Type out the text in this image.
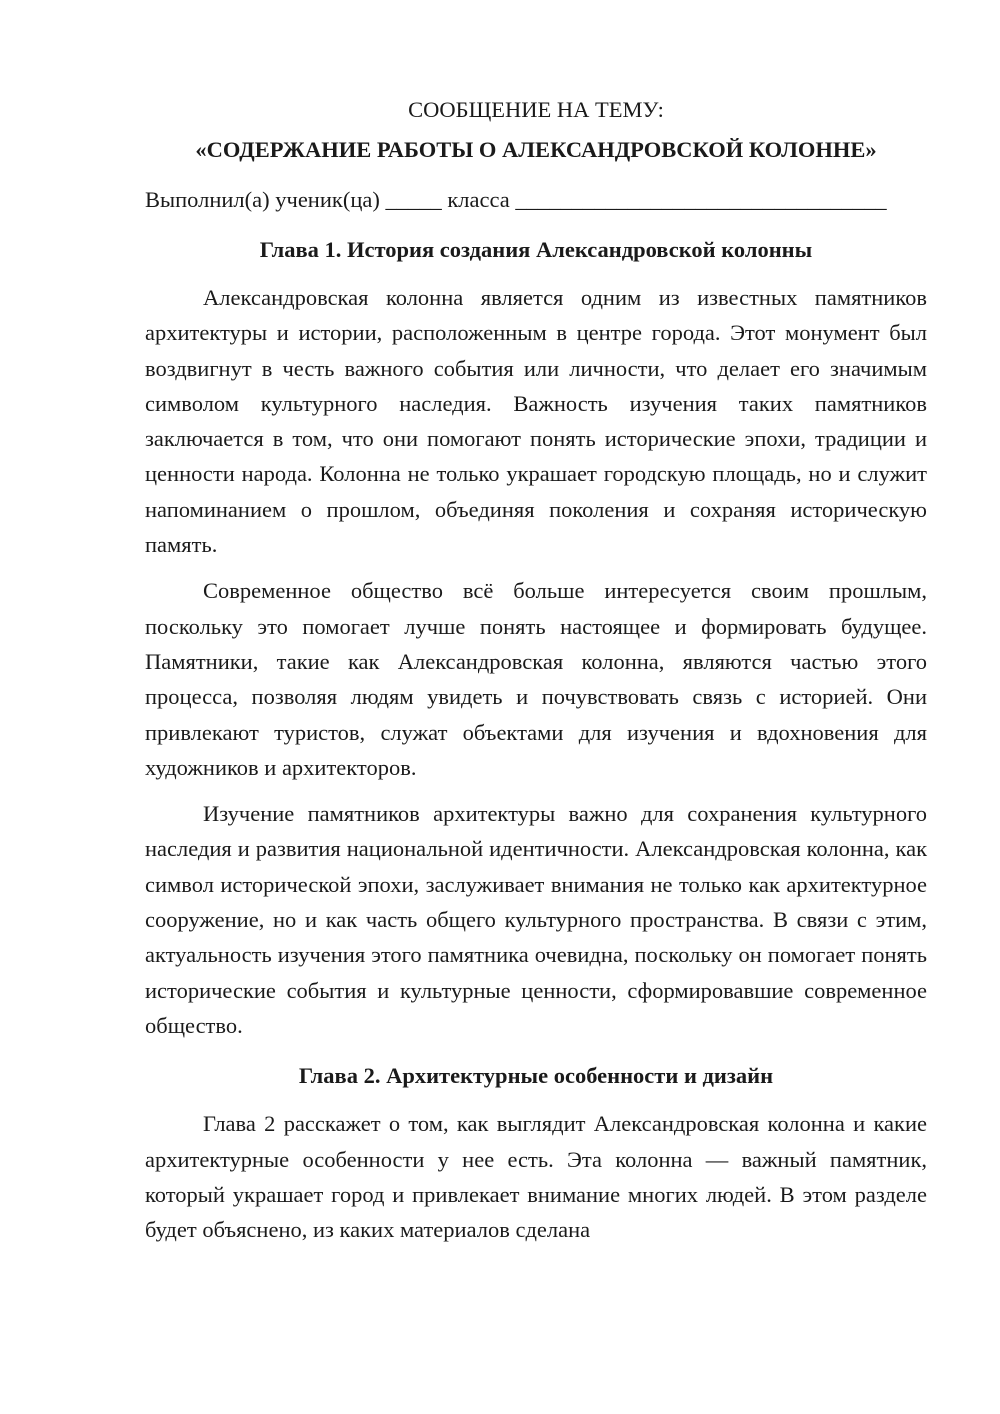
СООБЩЕНИЕ НА ТЕМУ:
«СОДЕРЖАНИЕ РАБОТЫ О АЛЕКСАНДРОВСКОЙ КОЛОННЕ»
Выполнил(а) ученик(ца) _____ класса _________________________________
Глава 1. История создания Александровской колонны

Александровская колонна является одним из известных памятников архитектуры и истории, расположенным в центре города. Этот монумент был воздвигнут в честь важного события или личности, что делает его значимым символом культурного наследия. Важность изучения таких памятников заключается в том, что они помогают понять исторические эпохи, традиции и ценности народа. Колонна не только украшает городскую площадь, но и служит напоминанием о прошлом, объединяя поколения и сохраняя историческую память.

Современное общество всё больше интересуется своим прошлым, поскольку это помогает лучше понять настоящее и формировать будущее. Памятники, такие как Александровская колонна, являются частью этого процесса, позволяя людям увидеть и почувствовать связь с историей. Они привлекают туристов, служат объектами для изучения и вдохновения для художников и архитекторов.

Изучение памятников архитектуры важно для сохранения культурного наследия и развития национальной идентичности. Александровская колонна, как символ исторической эпохи, заслуживает внимания не только как архитектурное сооружение, но и как часть общего культурного пространства. В связи с этим, актуальность изучения этого памятника очевидна, поскольку он помогает понять исторические события и культурные ценности, сформировавшие современное общество.

Глава 2. Архитектурные особенности и дизайн

Глава 2 расскажет о том, как выглядит Александровская колонна и какие архитектурные особенности у нее есть. Эта колонна — важный памятник, который украшает город и привлекает внимание многих людей. В этом разделе будет объяснено, из каких материалов сделана
